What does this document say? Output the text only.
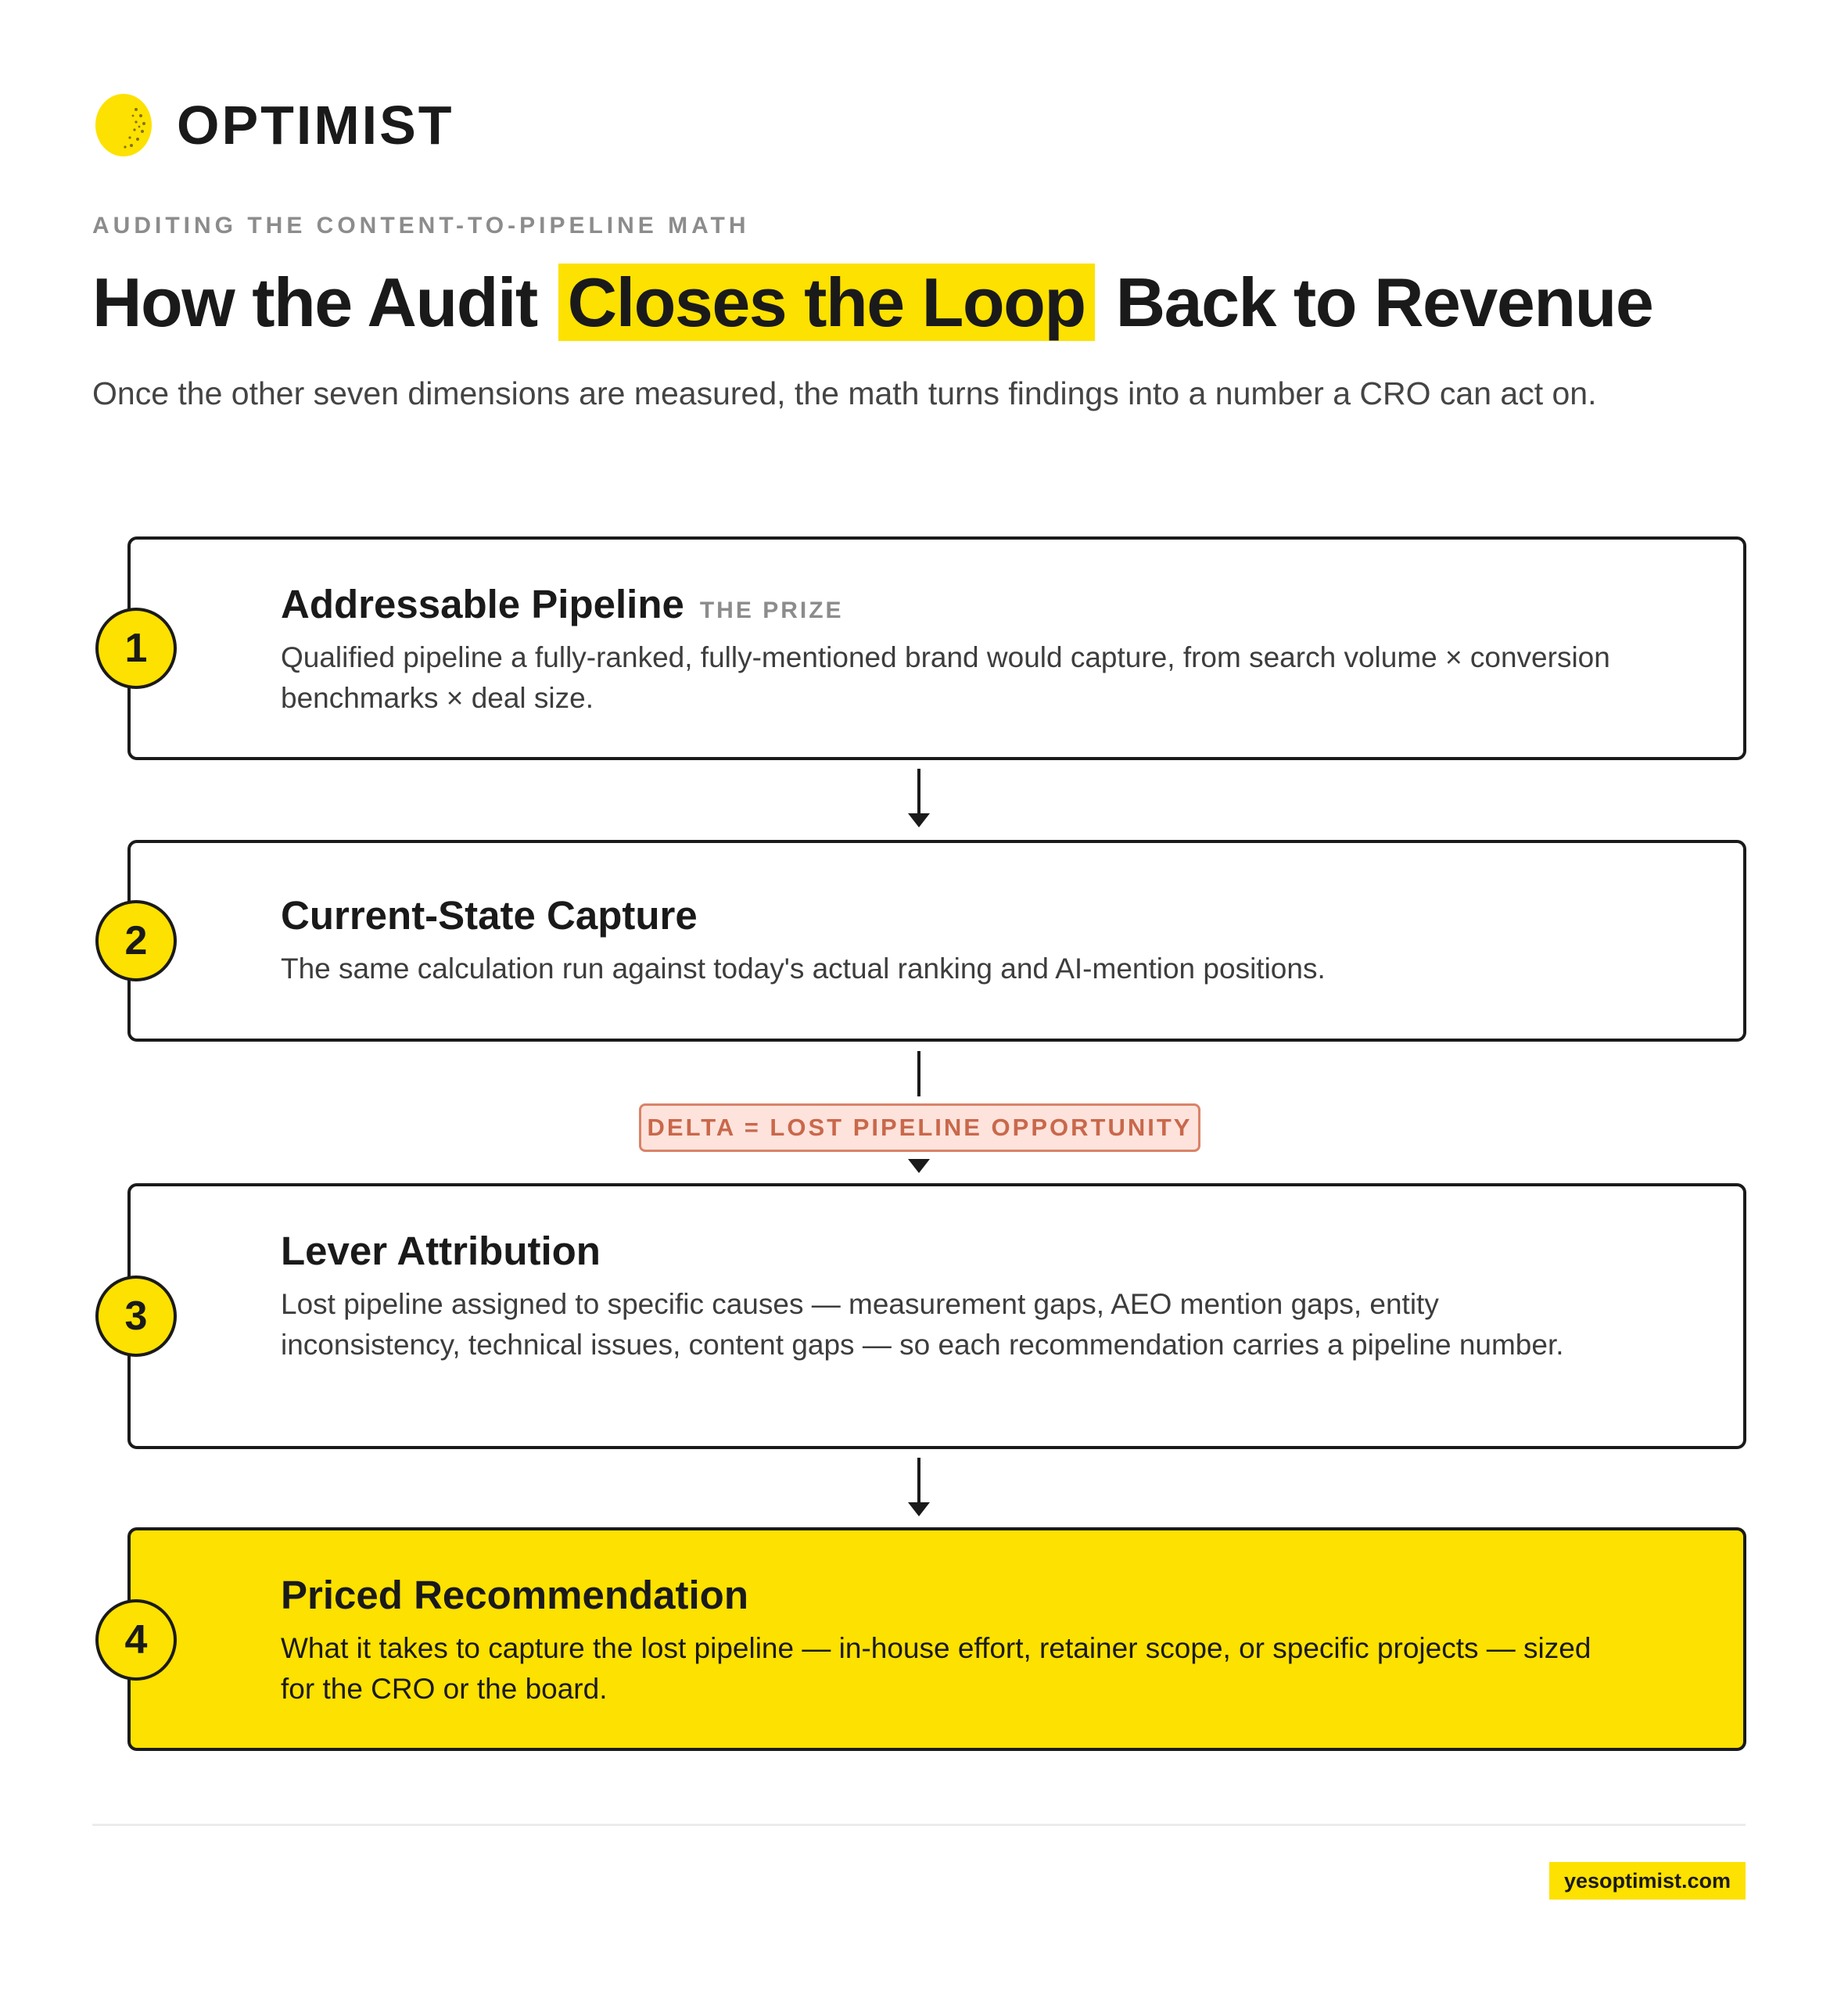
OPTIMIST
AUDITING THE CONTENT-TO-PIPELINE MATH
How the Audit Closes the Loop Back to Revenue
Once the other seven dimensions are measured, the math turns findings into a number a CRO can act on.
Addressable Pipeline THE PRIZE
Qualified pipeline a fully-ranked, fully-mentioned brand would capture, from search volume × conversion benchmarks × deal size.
1
Current-State Capture
The same calculation run against today's actual ranking and AI-mention positions.
2
DELTA = LOST PIPELINE OPPORTUNITY
Lever Attribution
Lost pipeline assigned to specific causes — measurement gaps, AEO mention gaps, entity inconsistency, technical issues, content gaps — so each recommendation carries a pipeline number.
3
Priced Recommendation
What it takes to capture the lost pipeline — in-house effort, retainer scope, or specific projects — sized for the CRO or the board.
4
yesoptimist.com
